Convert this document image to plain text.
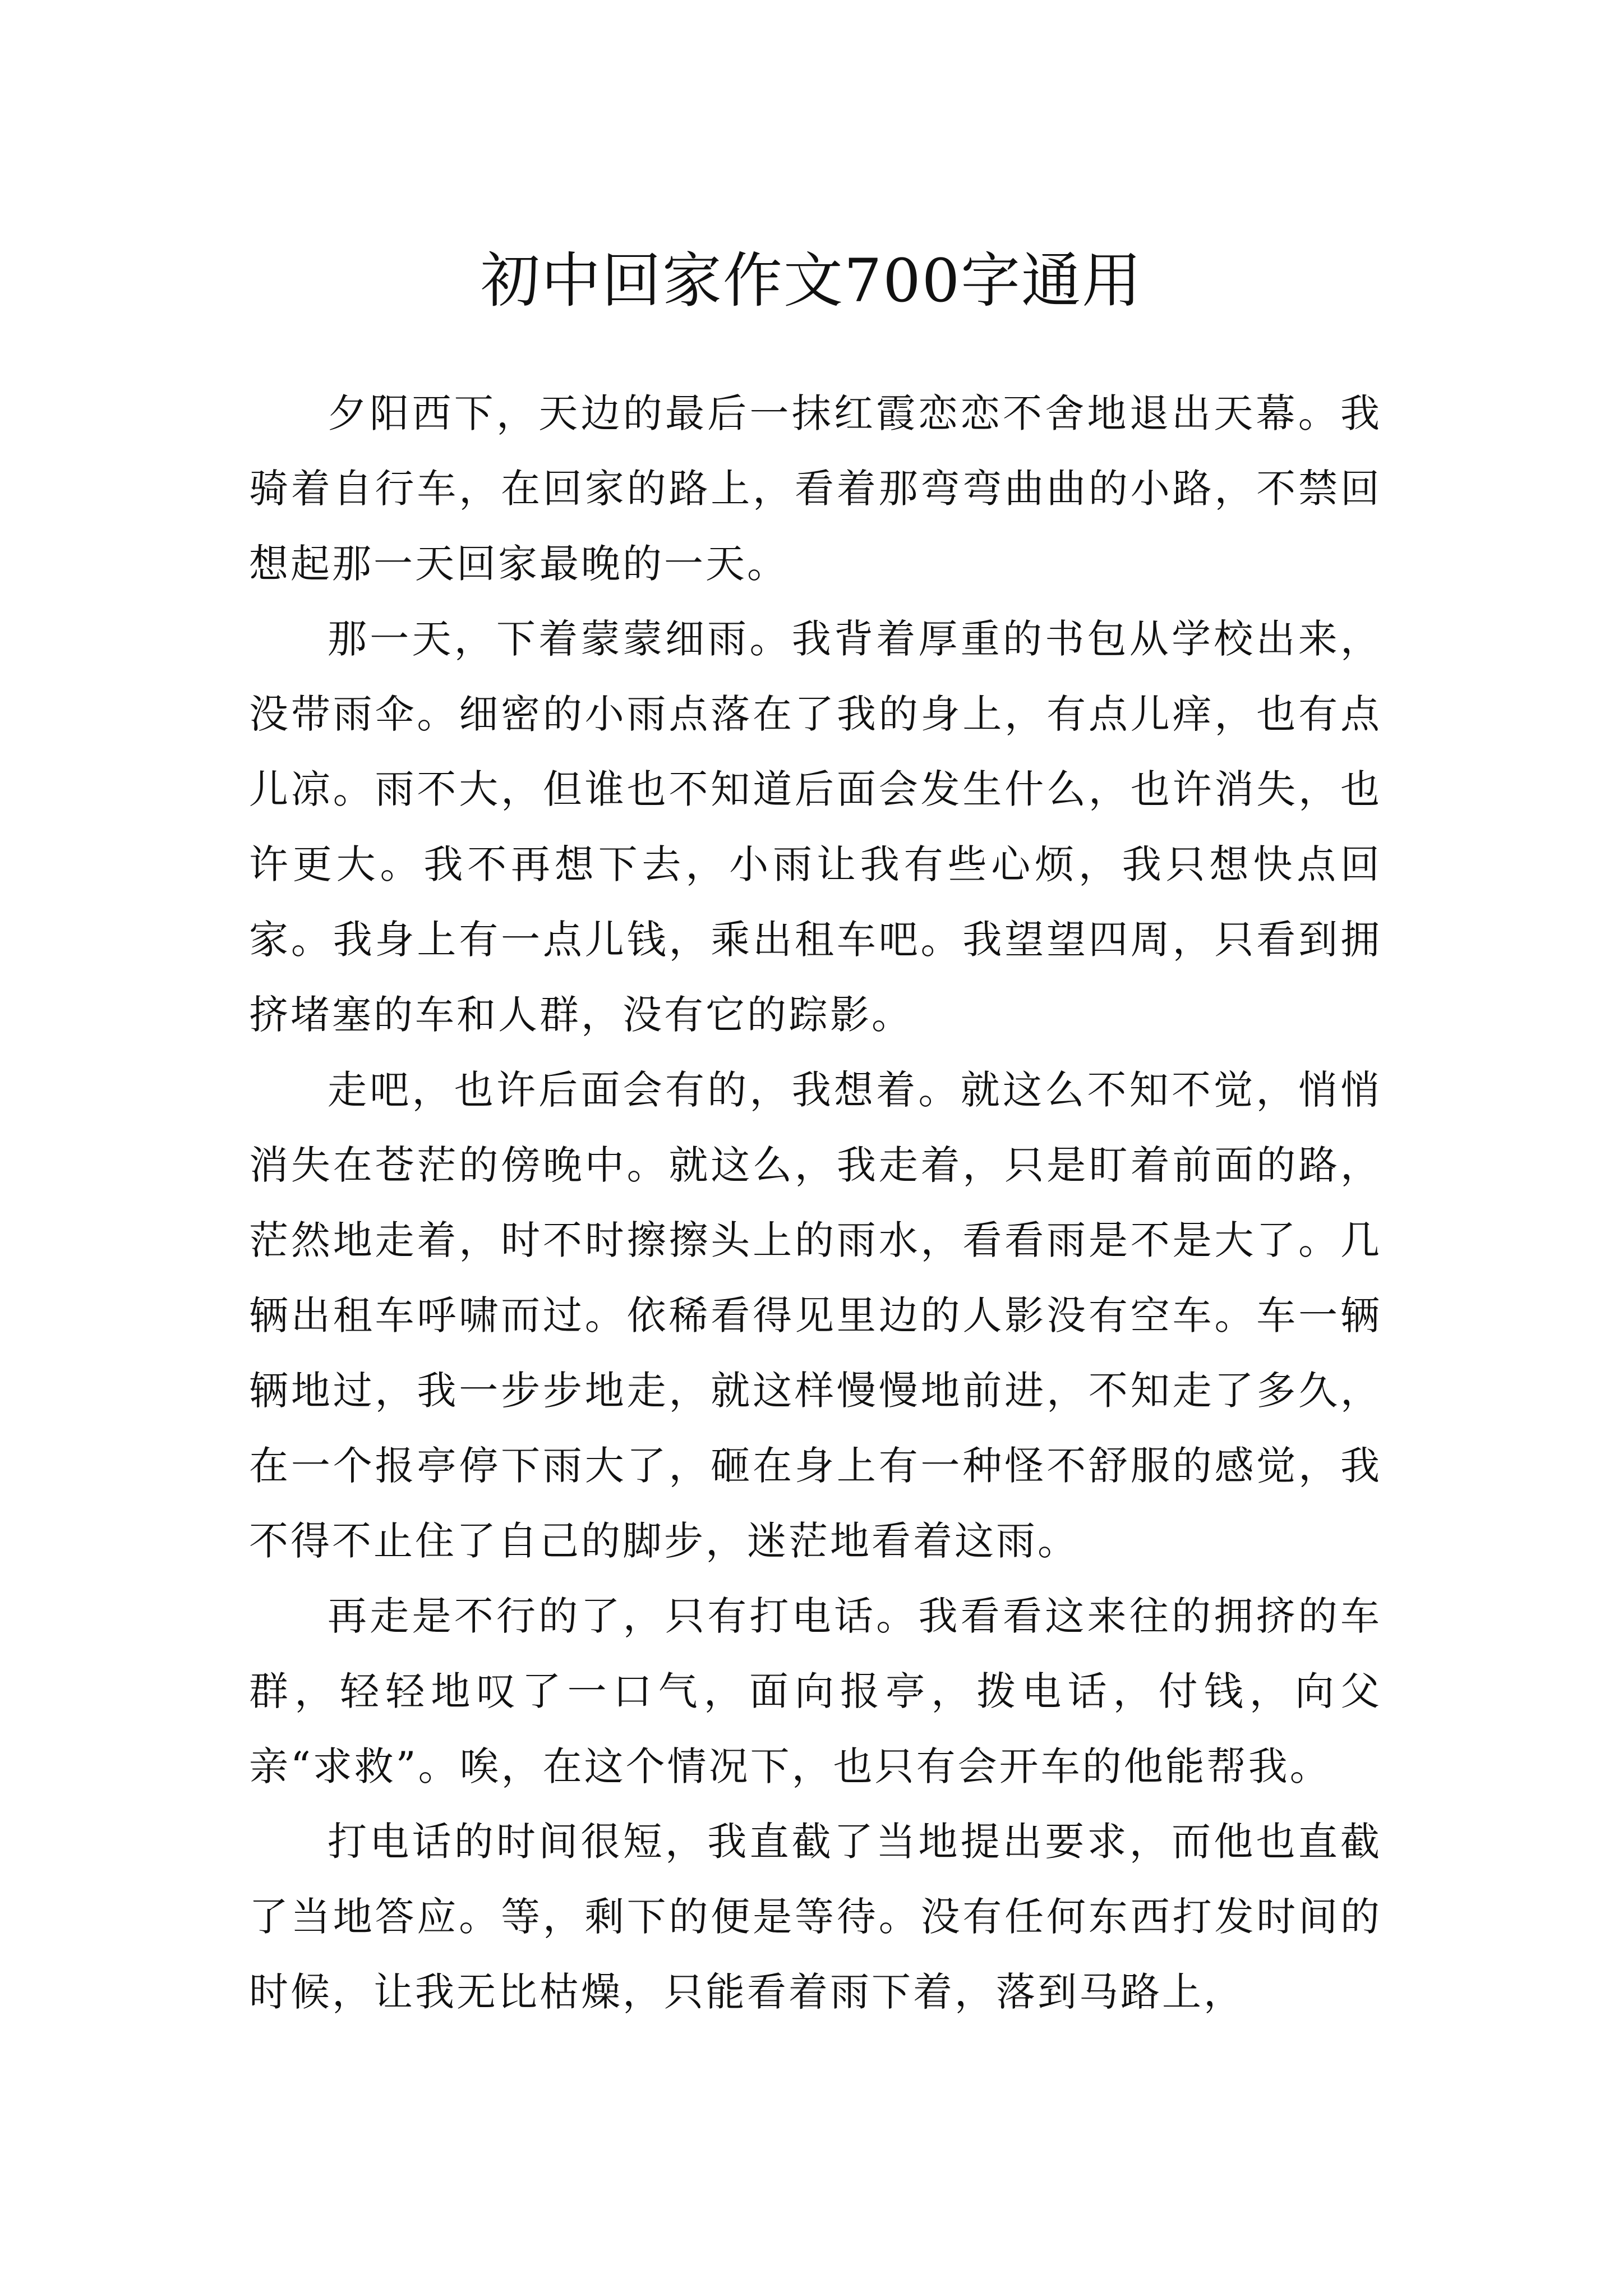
初中回家作文700字通用

夕阳西下，天边的最后一抹红霞恋恋不舍地退出天幕。我骑着自行车，在回家的路上，看着那弯弯曲曲的小路，不禁回想起那一天回家最晚的一天。

那一天，下着蒙蒙细雨。我背着厚重的书包从学校出来，没带雨伞。细密的小雨点落在了我的身上，有点儿痒，也有点儿凉。雨不大，但谁也不知道后面会发生什么，也许消失，也许更大。我不再想下去，小雨让我有些心烦，我只想快点回家。我身上有一点儿钱，乘出租车吧。我望望四周，只看到拥挤堵塞的车和人群，没有它的踪影。

走吧，也许后面会有的，我想着。就这么不知不觉，悄悄消失在苍茫的傍晚中。就这么，我走着，只是盯着前面的路，茫然地走着，时不时擦擦头上的雨水，看看雨是不是大了。几辆出租车呼啸而过。依稀看得见里边的人影没有空车。车一辆辆地过，我一步步地走，就这样慢慢地前进，不知走了多久，在一个报亭停下雨大了，砸在身上有一种怪不舒服的感觉，我不得不止住了自己的脚步，迷茫地看着这雨。

再走是不行的了，只有打电话。我看看这来往的拥挤的车群，轻轻地叹了一口气，面向报亭，拨电话，付钱，向父亲“求救”。唉，在这个情况下，也只有会开车的他能帮我。

打电话的时间很短，我直截了当地提出要求，而他也直截了当地答应。等，剩下的便是等待。没有任何东西打发时间的时候，让我无比枯燥，只能看着雨下着，落到马路上，
